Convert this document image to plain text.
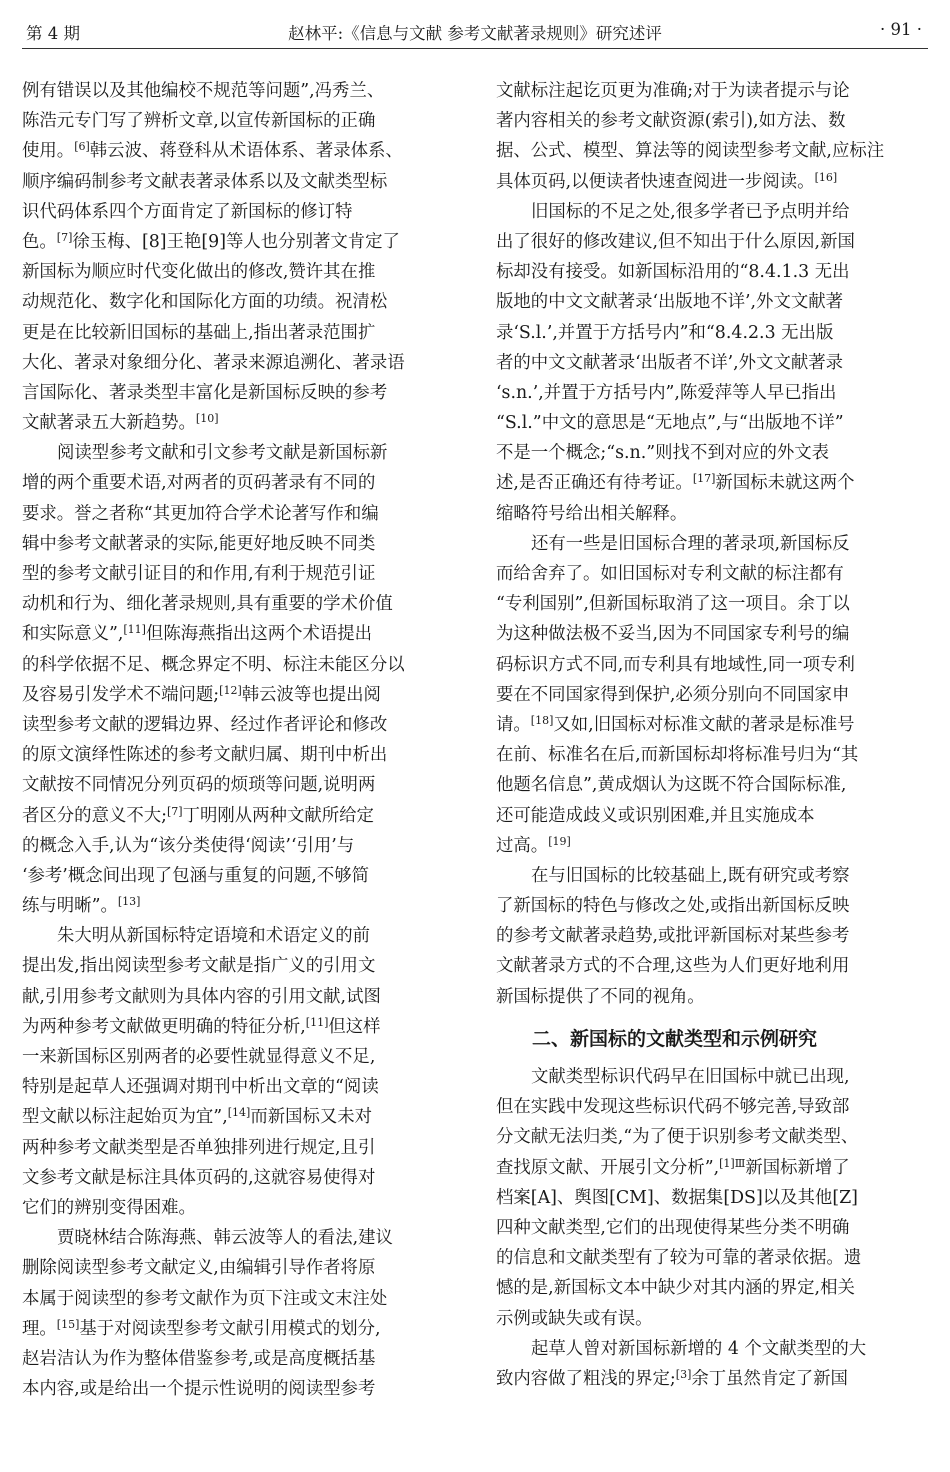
第 4 期	赵林平:《信息与文献 参考文献著录规则》研究述评	· 91 ·
例有错误以及其他编校不规范等问题”,冯秀兰、
陈浩元专门写了辨析文章,以宣传新国标的正确
使用。[6]韩云波、蒋登科从术语体系、著录体系、
顺序编码制参考文献表著录体系以及文献类型标
识代码体系四个方面肯定了新国标的修订特
色。[7]徐玉梅、[8]王艳[9]等人也分别著文肯定了
新国标为顺应时代变化做出的修改,赞许其在推
动规范化、数字化和国际化方面的功绩。祝清松
更是在比较新旧国标的基础上,指出著录范围扩
大化、著录对象细分化、著录来源追溯化、著录语
言国际化、著录类型丰富化是新国标反映的参考
文献著录五大新趋势。[10]
阅读型参考文献和引文参考文献是新国标新
增的两个重要术语,对两者的页码著录有不同的
要求。誉之者称“其更加符合学术论著写作和编
辑中参考文献著录的实际,能更好地反映不同类
型的参考文献引证目的和作用,有利于规范引证
动机和行为、细化著录规则,具有重要的学术价值
和实际意义”,[11]但陈海燕指出这两个术语提出
的科学依据不足、概念界定不明、标注未能区分以
及容易引发学术不端问题;[12]韩云波等也提出阅
读型参考文献的逻辑边界、经过作者评论和修改
的原文演绎性陈述的参考文献归属、期刊中析出
文献按不同情况分列页码的烦琐等问题,说明两
者区分的意义不大;[7]丁明刚从两种文献所给定
的概念入手,认为“该分类使得‘阅读’‘引用’与
‘参考’概念间出现了包涵与重复的问题,不够简
练与明晰”。[13]
朱大明从新国标特定语境和术语定义的前
提出发,指出阅读型参考文献是指广义的引用文
献,引用参考文献则为具体内容的引用文献,试图
为两种参考文献做更明确的特征分析,[11]但这样
一来新国标区别两者的必要性就显得意义不足,
特别是起草人还强调对期刊中析出文章的“阅读
型文献以标注起始页为宜”,[14]而新国标又未对
两种参考文献类型是否单独排列进行规定,且引
文参考文献是标注具体页码的,这就容易使得对
它们的辨别变得困难。
贾晓林结合陈海燕、韩云波等人的看法,建议
删除阅读型参考文献定义,由编辑引导作者将原
本属于阅读型的参考文献作为页下注或文末注处
理。[15]基于对阅读型参考文献引用模式的划分,
赵岩洁认为作为整体借鉴参考,或是高度概括基
本内容,或是给出一个提示性说明的阅读型参考
文献标注起讫页更为准确;对于为读者提示与论
著内容相关的参考文献资源(索引),如方法、数
据、公式、模型、算法等的阅读型参考文献,应标注
具体页码,以便读者快速查阅进一步阅读。[16]
旧国标的不足之处,很多学者已予点明并给
出了很好的修改建议,但不知出于什么原因,新国
标却没有接受。如新国标沿用的“8.4.1.3 无出
版地的中文文献著录‘出版地不详’,外文文献著
录‘S.l.’,并置于方括号内”和“8.4.2.3 无出版
者的中文文献著录‘出版者不详’,外文文献著录
‘s.n.’,并置于方括号内”,陈爱萍等人早已指出
“S.l.”中文的意思是“无地点”,与“出版地不详”
不是一个概念;“s.n.”则找不到对应的外文表
述,是否正确还有待考证。[17]新国标未就这两个
缩略符号给出相关解释。
还有一些是旧国标合理的著录项,新国标反
而给舍弃了。如旧国标对专利文献的标注都有
“专利国别”,但新国标取消了这一项目。余丁以
为这种做法极不妥当,因为不同国家专利号的编
码标识方式不同,而专利具有地域性,同一项专利
要在不同国家得到保护,必须分别向不同国家申
请。[18]又如,旧国标对标准文献的著录是标准号
在前、标准名在后,而新国标却将标准号归为“其
他题名信息”,黄成烟认为这既不符合国际标准,
还可能造成歧义或识别困难,并且实施成本
过高。[19]
在与旧国标的比较基础上,既有研究或考察
了新国标的特色与修改之处,或指出新国标反映
的参考文献著录趋势,或批评新国标对某些参考
文献著录方式的不合理,这些为人们更好地利用
新国标提供了不同的视角。
二、新国标的文献类型和示例研究
文献类型标识代码早在旧国标中就已出现,
但在实践中发现这些标识代码不够完善,导致部
分文献无法归类,“为了便于识别参考文献类型、
查找原文献、开展引文分析”,$^{[1]Ⅲ}$新国标新增了
档案[A]、舆图[CM]、数据集[DS]以及其他[Z]
四种文献类型,它们的出现使得某些分类不明确
的信息和文献类型有了较为可靠的著录依据。遗
憾的是,新国标文本中缺少对其内涵的界定,相关
示例或缺失或有误。
起草人曾对新国标新增的 4 个文献类型的大
致内容做了粗浅的界定;[3]余丁虽然肯定了新国
